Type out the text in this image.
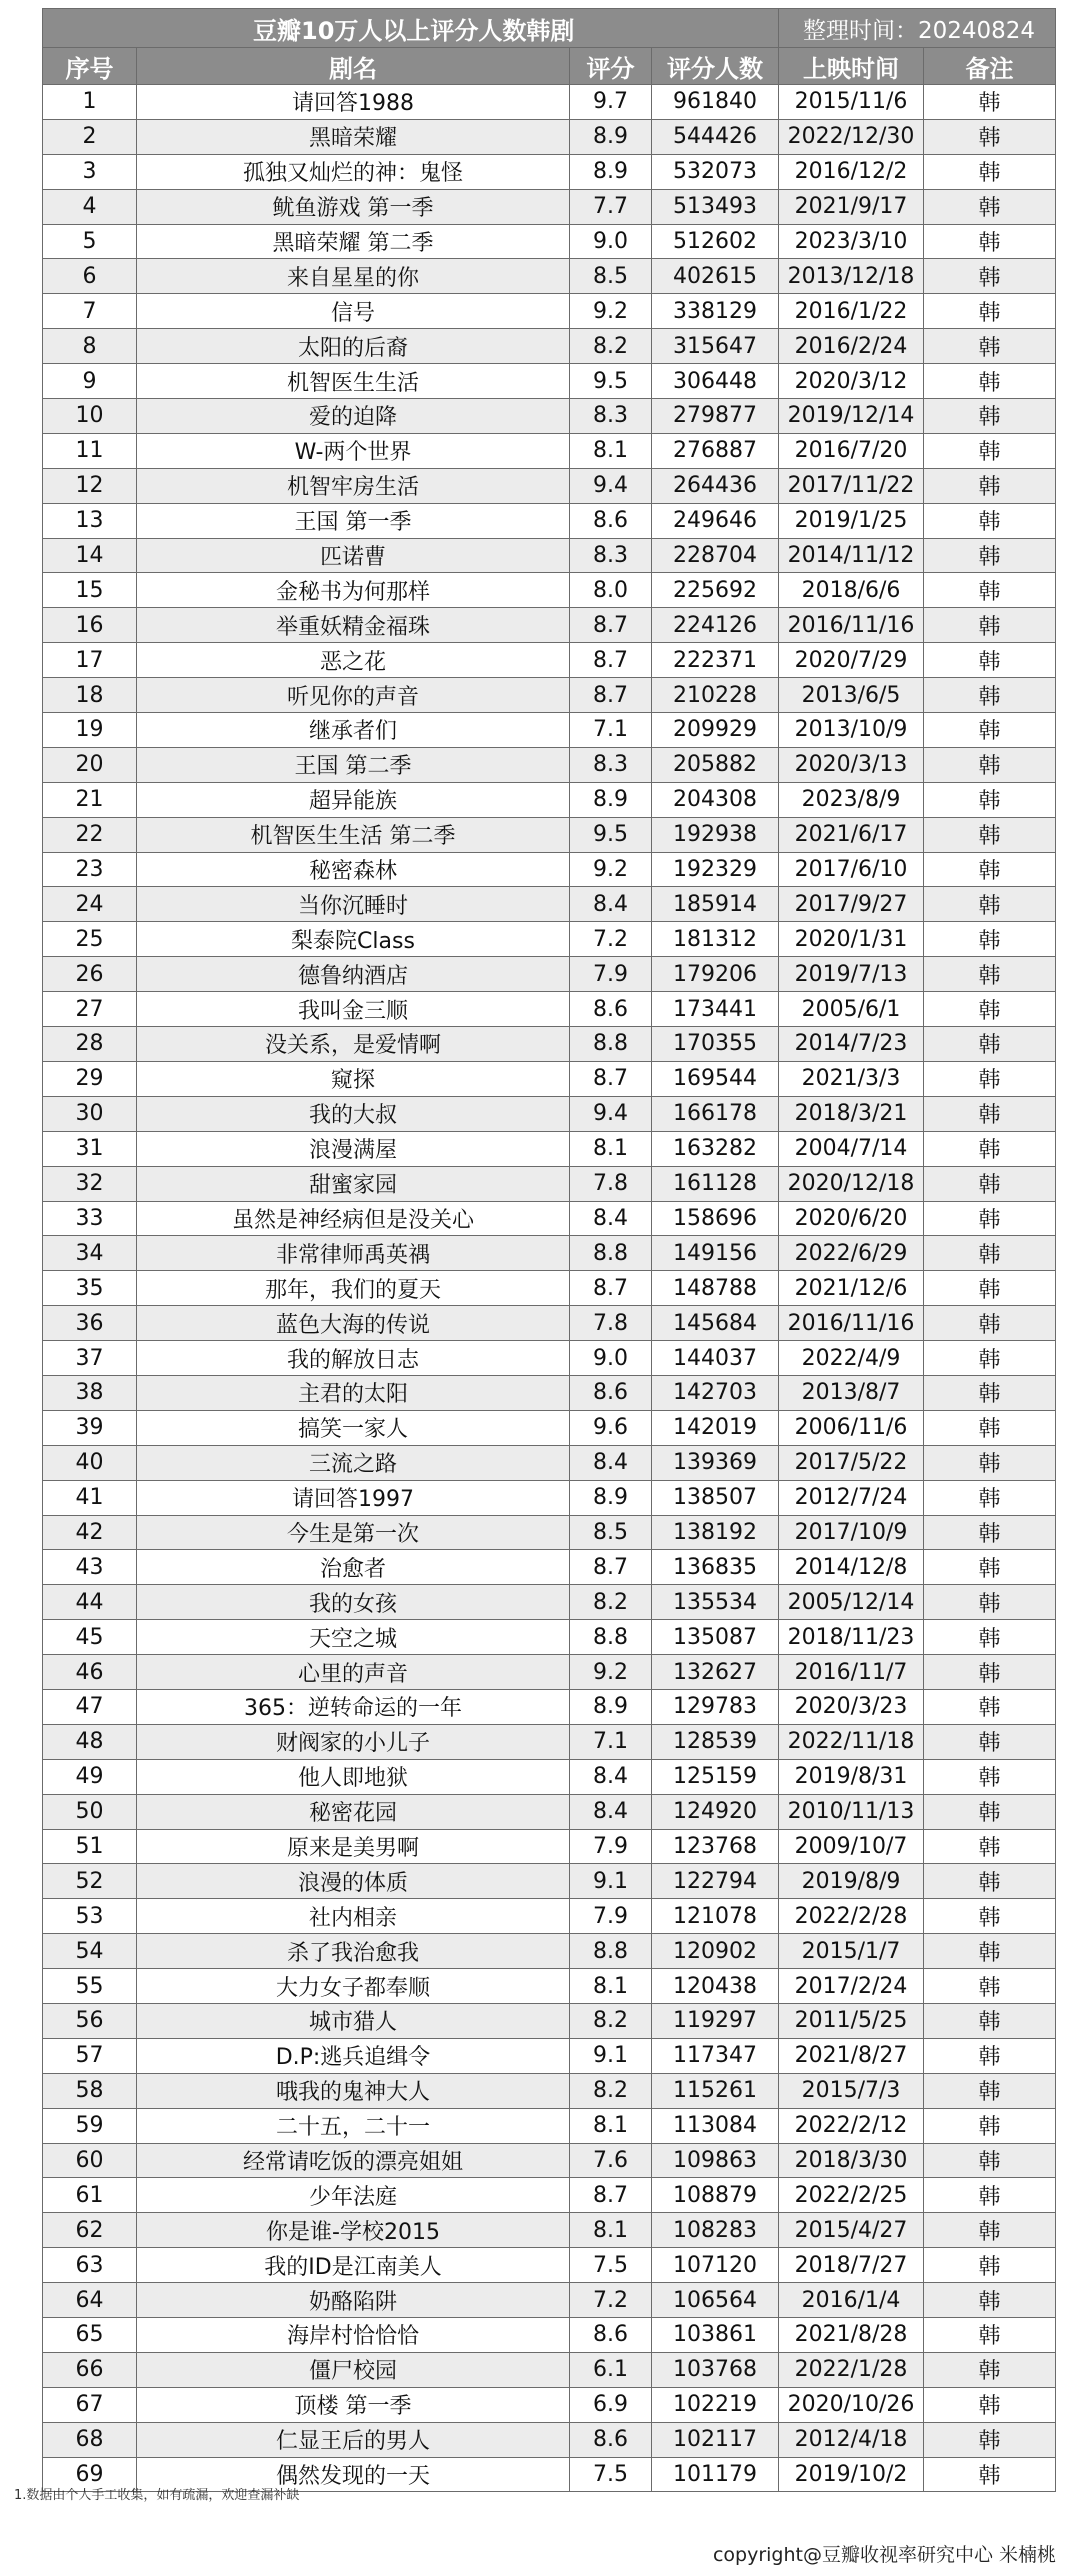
豆瓣10万人以上评分人数韩剧				整理时间：20240824	
序号	剧名	评分	评分人数	上映时间	备注
1	请回答1988	9.7	961840	2015/11/6	韩
2	黑暗荣耀	8.9	544426	2022/12/30	韩
3	孤独又灿烂的神：鬼怪	8.9	532073	2016/12/2	韩
4	鱿鱼游戏 第一季	7.7	513493	2021/9/17	韩
5	黑暗荣耀 第二季	9.0	512602	2023/3/10	韩
6	来自星星的你	8.5	402615	2013/12/18	韩
7	信号	9.2	338129	2016/1/22	韩
8	太阳的后裔	8.2	315647	2016/2/24	韩
9	机智医生生活	9.5	306448	2020/3/12	韩
10	爱的迫降	8.3	279877	2019/12/14	韩
11	W-两个世界	8.1	276887	2016/7/20	韩
12	机智牢房生活	9.4	264436	2017/11/22	韩
13	王国 第一季	8.6	249646	2019/1/25	韩
14	匹诺曹	8.3	228704	2014/11/12	韩
15	金秘书为何那样	8.0	225692	2018/6/6	韩
16	举重妖精金福珠	8.7	224126	2016/11/16	韩
17	恶之花	8.7	222371	2020/7/29	韩
18	听见你的声音	8.7	210228	2013/6/5	韩
19	继承者们	7.1	209929	2013/10/9	韩
20	王国 第二季	8.3	205882	2020/3/13	韩
21	超异能族	8.9	204308	2023/8/9	韩
22	机智医生生活 第二季	9.5	192938	2021/6/17	韩
23	秘密森林	9.2	192329	2017/6/10	韩
24	当你沉睡时	8.4	185914	2017/9/27	韩
25	梨泰院Class	7.2	181312	2020/1/31	韩
26	德鲁纳酒店	7.9	179206	2019/7/13	韩
27	我叫金三顺	8.6	173441	2005/6/1	韩
28	没关系，是爱情啊	8.8	170355	2014/7/23	韩
29	窥探	8.7	169544	2021/3/3	韩
30	我的大叔	9.4	166178	2018/3/21	韩
31	浪漫满屋	8.1	163282	2004/7/14	韩
32	甜蜜家园	7.8	161128	2020/12/18	韩
33	虽然是神经病但是没关心	8.4	158696	2020/6/20	韩
34	非常律师禹英禑	8.8	149156	2022/6/29	韩
35	那年，我们的夏天	8.7	148788	2021/12/6	韩
36	蓝色大海的传说	7.8	145684	2016/11/16	韩
37	我的解放日志	9.0	144037	2022/4/9	韩
38	主君的太阳	8.6	142703	2013/8/7	韩
39	搞笑一家人	9.6	142019	2006/11/6	韩
40	三流之路	8.4	139369	2017/5/22	韩
41	请回答1997	8.9	138507	2012/7/24	韩
42	今生是第一次	8.5	138192	2017/10/9	韩
43	治愈者	8.7	136835	2014/12/8	韩
44	我的女孩	8.2	135534	2005/12/14	韩
45	天空之城	8.8	135087	2018/11/23	韩
46	心里的声音	9.2	132627	2016/11/7	韩
47	365：逆转命运的一年	8.9	129783	2020/3/23	韩
48	财阀家的小儿子	7.1	128539	2022/11/18	韩
49	他人即地狱	8.4	125159	2019/8/31	韩
50	秘密花园	8.4	124920	2010/11/13	韩
51	原来是美男啊	7.9	123768	2009/10/7	韩
52	浪漫的体质	9.1	122794	2019/8/9	韩
53	社内相亲	7.9	121078	2022/2/28	韩
54	杀了我治愈我	8.8	120902	2015/1/7	韩
55	大力女子都奉顺	8.1	120438	2017/2/24	韩
56	城市猎人	8.2	119297	2011/5/25	韩
57	D.P:逃兵追缉令	9.1	117347	2021/8/27	韩
58	哦我的鬼神大人	8.2	115261	2015/7/3	韩
59	二十五，二十一	8.1	113084	2022/2/12	韩
60	经常请吃饭的漂亮姐姐	7.6	109863	2018/3/30	韩
61	少年法庭	8.7	108879	2022/2/25	韩
62	你是谁-学校2015	8.1	108283	2015/4/27	韩
63	我的ID是江南美人	7.5	107120	2018/7/27	韩
64	奶酪陷阱	7.2	106564	2016/1/4	韩
65	海岸村恰恰恰	8.6	103861	2021/8/28	韩
66	僵尸校园	6.1	103768	2022/1/28	韩
67	顶楼 第一季	6.9	102219	2020/10/26	韩
68	仁显王后的男人	8.6	102117	2012/4/18	韩
69	偶然发现的一天	7.5	101179	2019/10/2	韩
1.数据由个人手工收集，如有疏漏，欢迎查漏补缺
copyright@豆瓣收视率研究中心 米楠桃
